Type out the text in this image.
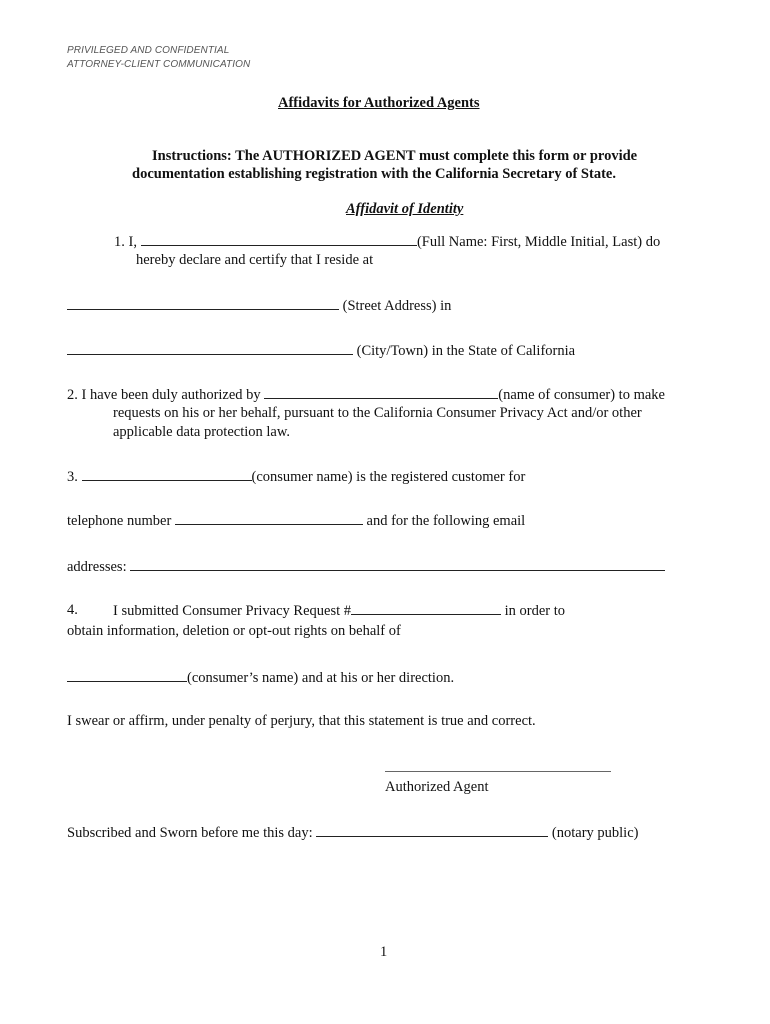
PRIVILEGED AND CONFIDENTIAL
ATTORNEY-CLIENT COMMUNICATION
Affidavits for Authorized Agents
Instructions: The AUTHORIZED AGENT must complete this form or provide
documentation establishing registration with the California Secretary of State.
Affidavit of Identity
1. I,	(Full Name: First, Middle Initial, Last) do
hereby declare and certify that I reside at
(Street Address) in
(City/Town) in the State of California
2. I have been duly authorized by	(name of consumer) to make
requests on his or her behalf, pursuant to the California Consumer Privacy Act and/or other
applicable data protection law.
3.	(consumer name) is the registered customer for
telephone number	and for the following email
addresses:
4. I submitted Consumer Privacy Request #	in order to
obtain information, deletion or opt-out rights on behalf of
(consumer’s name) and at his or her direction.
I swear or affirm, under penalty of perjury, that this statement is true and correct.
Authorized Agent
Subscribed and Sworn before me this day:	(notary public)
1
